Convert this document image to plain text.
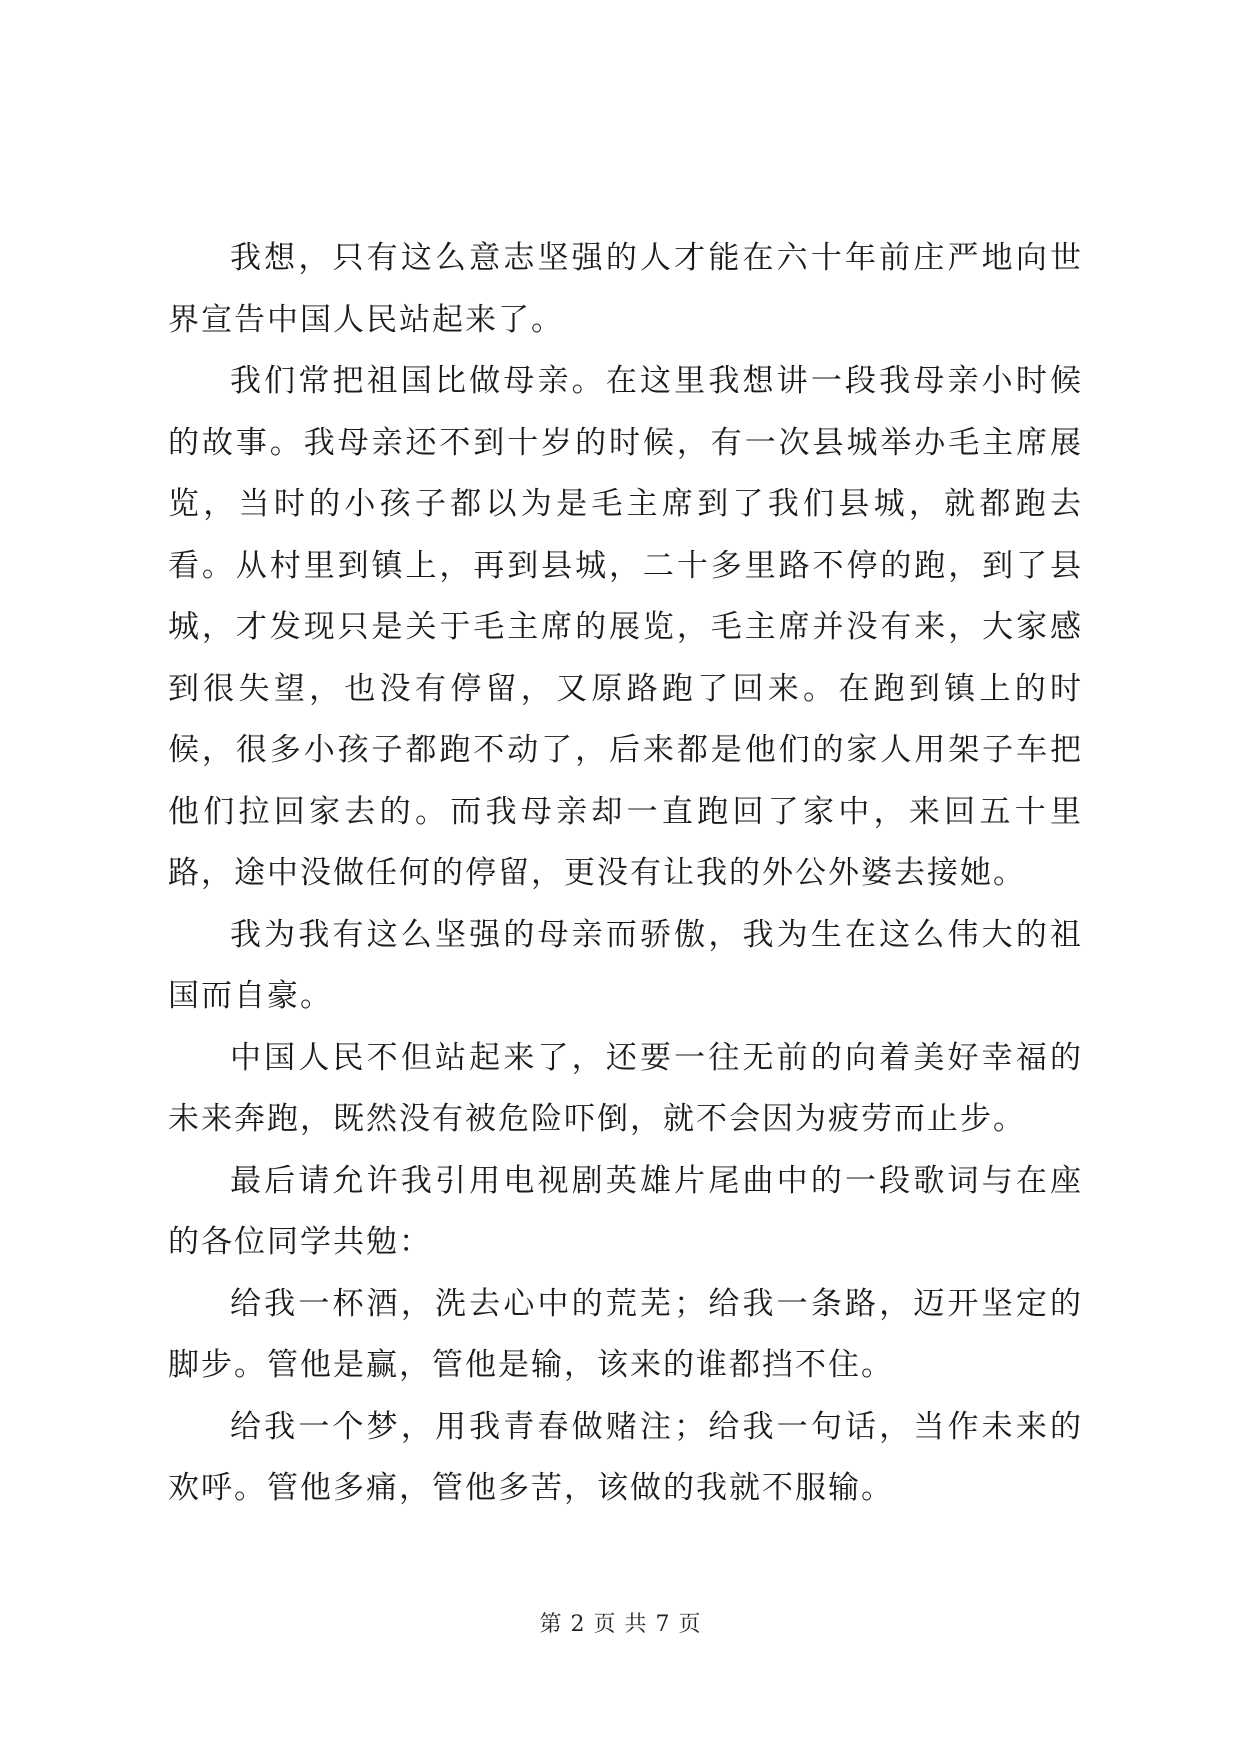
我想，只有这么意志坚强的人才能在六十年前庄严地向世界宣告中国人民站起来了。

我们常把祖国比做母亲。在这里我想讲一段我母亲小时候的故事。我母亲还不到十岁的时候，有一次县城举办毛主席展览，当时的小孩子都以为是毛主席到了我们县城，就都跑去看。从村里到镇上，再到县城，二十多里路不停的跑，到了县城，才发现只是关于毛主席的展览，毛主席并没有来，大家感到很失望，也没有停留，又原路跑了回来。在跑到镇上的时候，很多小孩子都跑不动了，后来都是他们的家人用架子车把他们拉回家去的。而我母亲却一直跑回了家中，来回五十里路，途中没做任何的停留，更没有让我的外公外婆去接她。

我为我有这么坚强的母亲而骄傲，我为生在这么伟大的祖国而自豪。

中国人民不但站起来了，还要一往无前的向着美好幸福的未来奔跑，既然没有被危险吓倒，就不会因为疲劳而止步。

最后请允许我引用电视剧英雄片尾曲中的一段歌词与在座的各位同学共勉：

给我一杯酒，洗去心中的荒芜；给我一条路，迈开坚定的脚步。管他是赢，管他是输，该来的谁都挡不住。

给我一个梦，用我青春做赌注；给我一句话，当作未来的欢呼。管他多痛，管他多苦，该做的我就不服输。

第 2 页 共 7 页
